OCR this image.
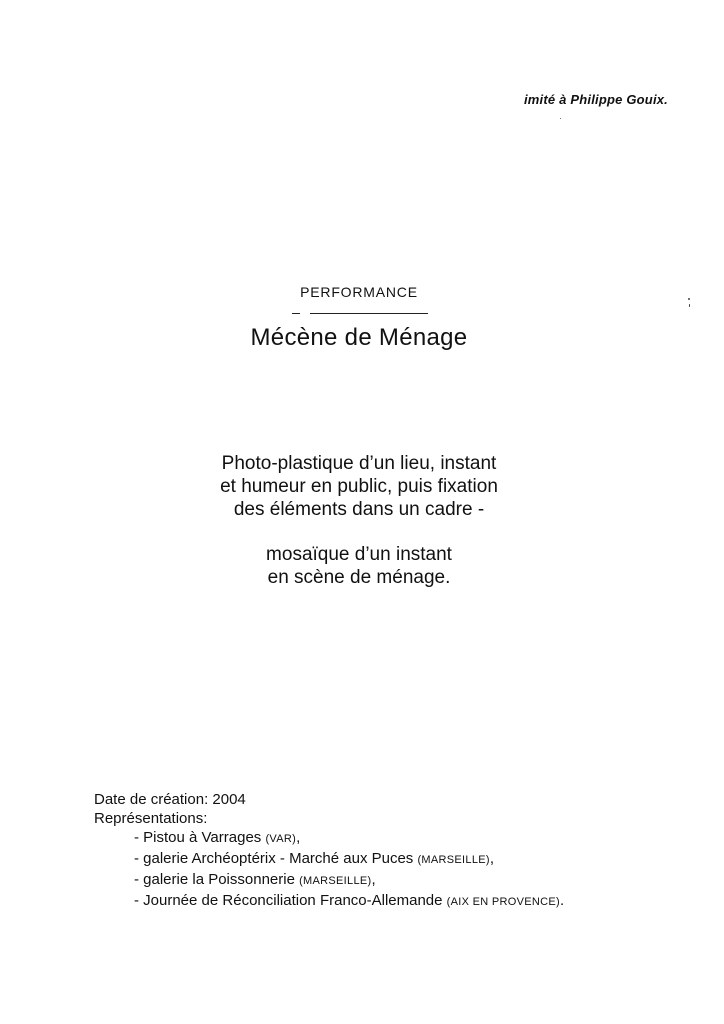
imité à Philippe Gouix.
PERFORMANCE
Mécène de Ménage
Photo-plastique d’un lieu, instant
et humeur en public, puis fixation
des éléments dans un cadre -
mosaïque d’un instant
en scène de ménage.
Date de création: 2004
Représentations:
- Pistou à Varrages (VAR),
- galerie Archéoptérix - Marché aux Puces (MARSEILLE),
- galerie la Poissonnerie (MARSEILLE),
- Journée de Réconciliation Franco-Allemande (AIX EN PROVENCE).
